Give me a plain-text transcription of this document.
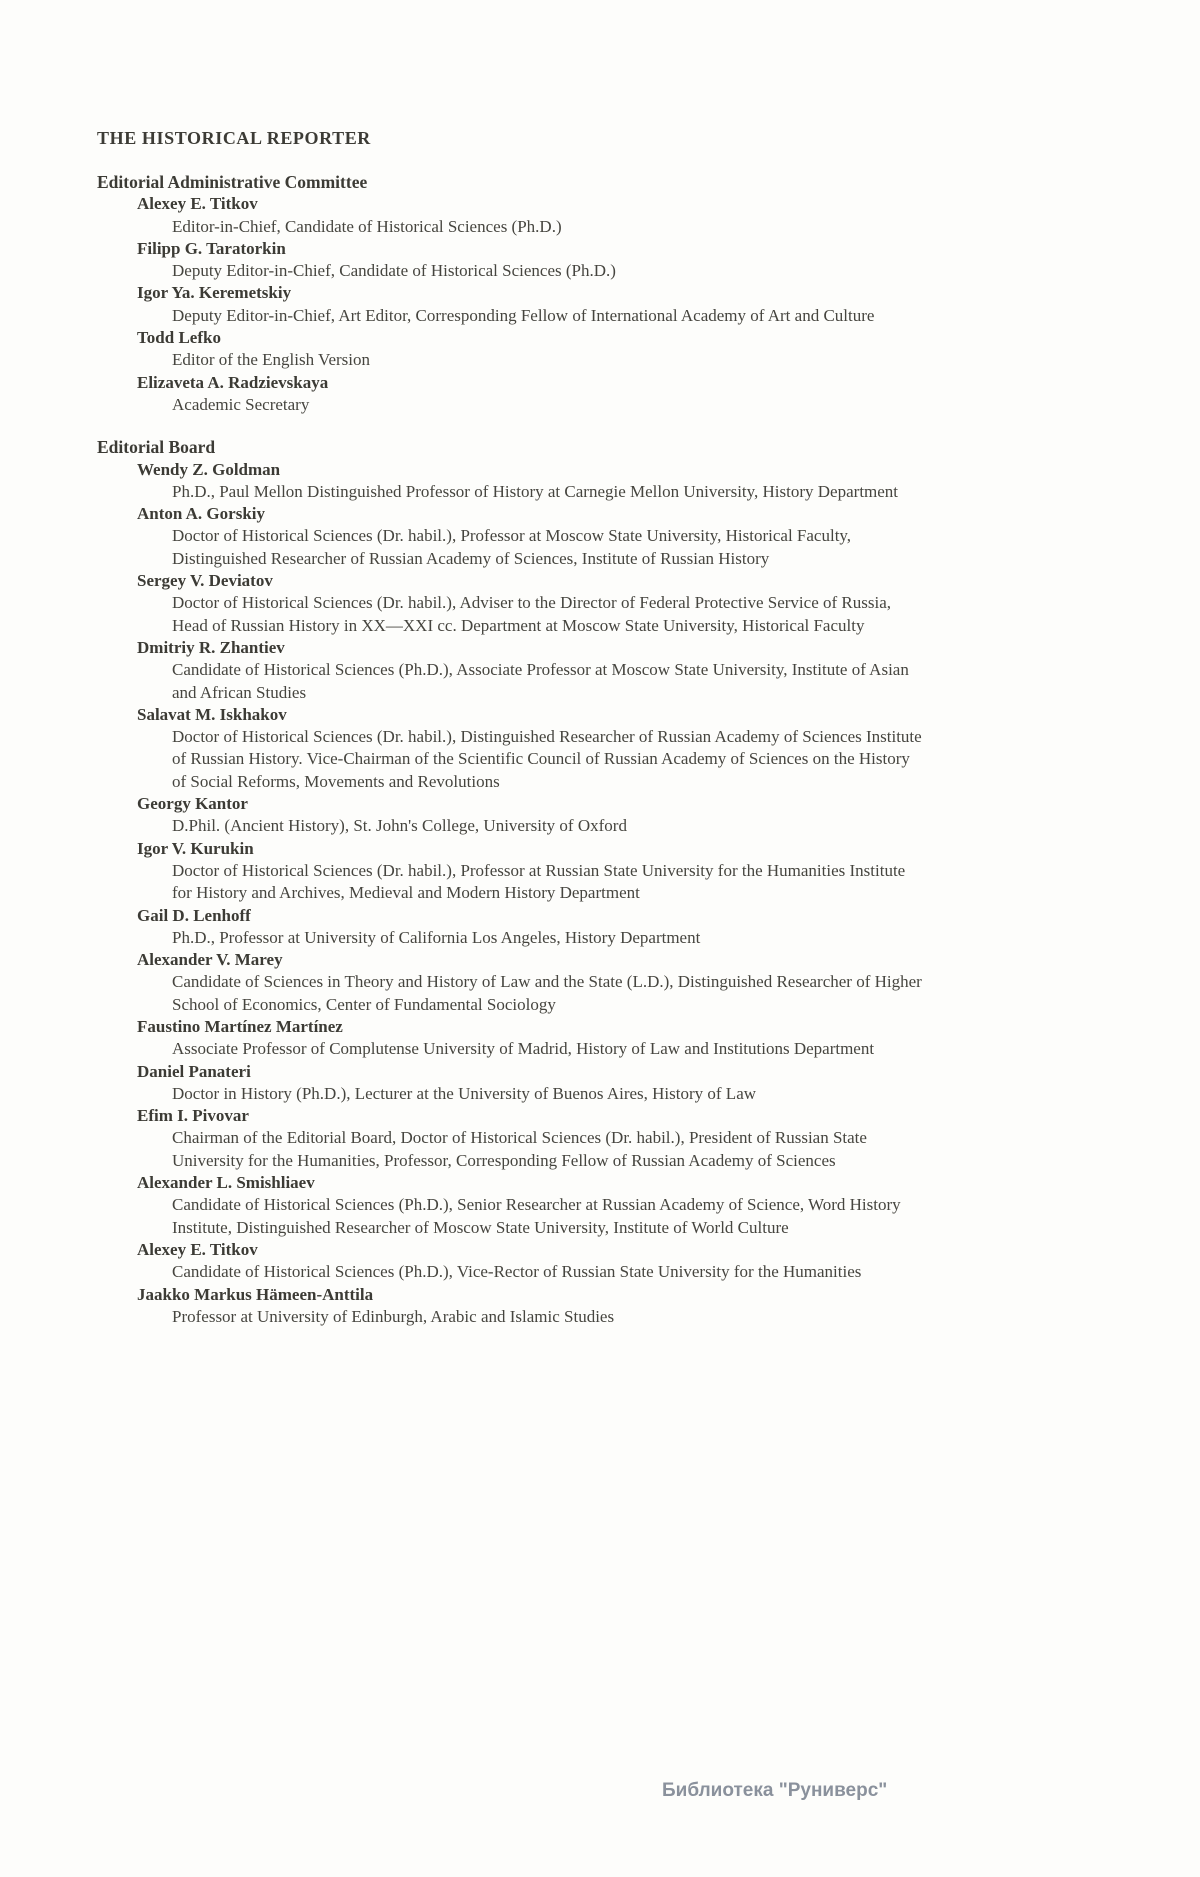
THE HISTORICAL REPORTER
Editorial Administrative Committee
Alexey E. Titkov
Editor-in-Chief, Candidate of Historical Sciences (Ph.D.)
Filipp G. Taratorkin
Deputy Editor-in-Chief, Candidate of Historical Sciences (Ph.D.)
Igor Ya. Keremetskiy
Deputy Editor-in-Chief, Art Editor, Corresponding Fellow of International Academy of Art and Culture
Todd Lefko
Editor of the English Version
Elizaveta A. Radzievskaya
Academic Secretary
Editorial Board
Wendy Z. Goldman
Ph.D., Paul Mellon Distinguished Professor of History at Carnegie Mellon University, History Department
Anton A. Gorskiy
Doctor of Historical Sciences (Dr. habil.), Professor at Moscow State University, Historical Faculty, Distinguished Researcher of Russian Academy of Sciences, Institute of Russian History
Sergey V. Deviatov
Doctor of Historical Sciences (Dr. habil.), Adviser to the Director of Federal Protective Service of Russia, Head of Russian History in XX—XXI cc. Department at Moscow State University, Historical Faculty
Dmitriy R. Zhantiev
Candidate of Historical Sciences (Ph.D.), Associate Professor at Moscow State University, Institute of Asian and African Studies
Salavat M. Iskhakov
Doctor of Historical Sciences (Dr. habil.), Distinguished Researcher of Russian Academy of Sciences Institute of Russian History. Vice-Chairman of the Scientific Council of Russian Academy of Sciences on the History of Social Reforms, Movements and Revolutions
Georgy Kantor
D.Phil. (Ancient History), St. John's College, University of Oxford
Igor V. Kurukin
Doctor of Historical Sciences (Dr. habil.), Professor at Russian State University for the Humanities Institute for History and Archives, Medieval and Modern History Department
Gail D. Lenhoff
Ph.D., Professor at University of California Los Angeles, History Department
Alexander V. Marey
Candidate of Sciences in Theory and History of Law and the State (L.D.), Distinguished Researcher of Higher School of Economics, Center of Fundamental Sociology
Faustino Martínez Martínez
Associate Professor of Complutense University of Madrid, History of Law and Institutions Department
Daniel Panateri
Doctor in History (Ph.D.), Lecturer at the University of Buenos Aires, History of Law
Efim I. Pivovar
Chairman of the Editorial Board, Doctor of Historical Sciences (Dr. habil.), President of Russian State University for the Humanities, Professor, Corresponding Fellow of Russian Academy of Sciences
Alexander L. Smishliaev
Candidate of Historical Sciences (Ph.D.), Senior Researcher at Russian Academy of Science, Word History Institute, Distinguished Researcher of Moscow State University, Institute of World Culture
Alexey E. Titkov
Candidate of Historical Sciences (Ph.D.), Vice-Rector of Russian State University for the Humanities
Jaakko Markus Hämeen-Anttila
Professor at University of Edinburgh, Arabic and Islamic Studies
Библиотека "Руниверс"
